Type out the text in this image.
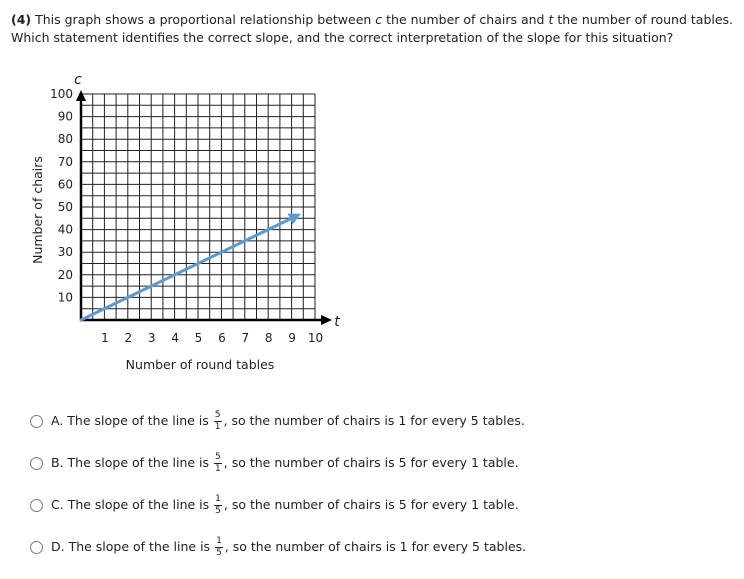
(4) This graph shows a proportional relationship between c the number of chairs and t the number of round tables. Which statement identifies the correct slope, and the correct interpretation of the slope for this situation?

1 2 3 4 5 6 7 8 9 10
10
20
30
40
50
60
70
80
90
100
c
t
Number of round tables
Number of chairs
A. The slope of the line is $\frac{5}{1}$ , so the number of chairs is 1 for every 5 tables.
B. The slope of the line is $\frac{5}{1}$ , so the number of chairs is 5 for every 1 table.
C. The slope of the line is $\frac{1}{5}$ , so the number of chairs is 5 for every 1 table.
D. The slope of the line is $\frac{1}{5}$ , so the number of chairs is 1 for every 5 tables.
